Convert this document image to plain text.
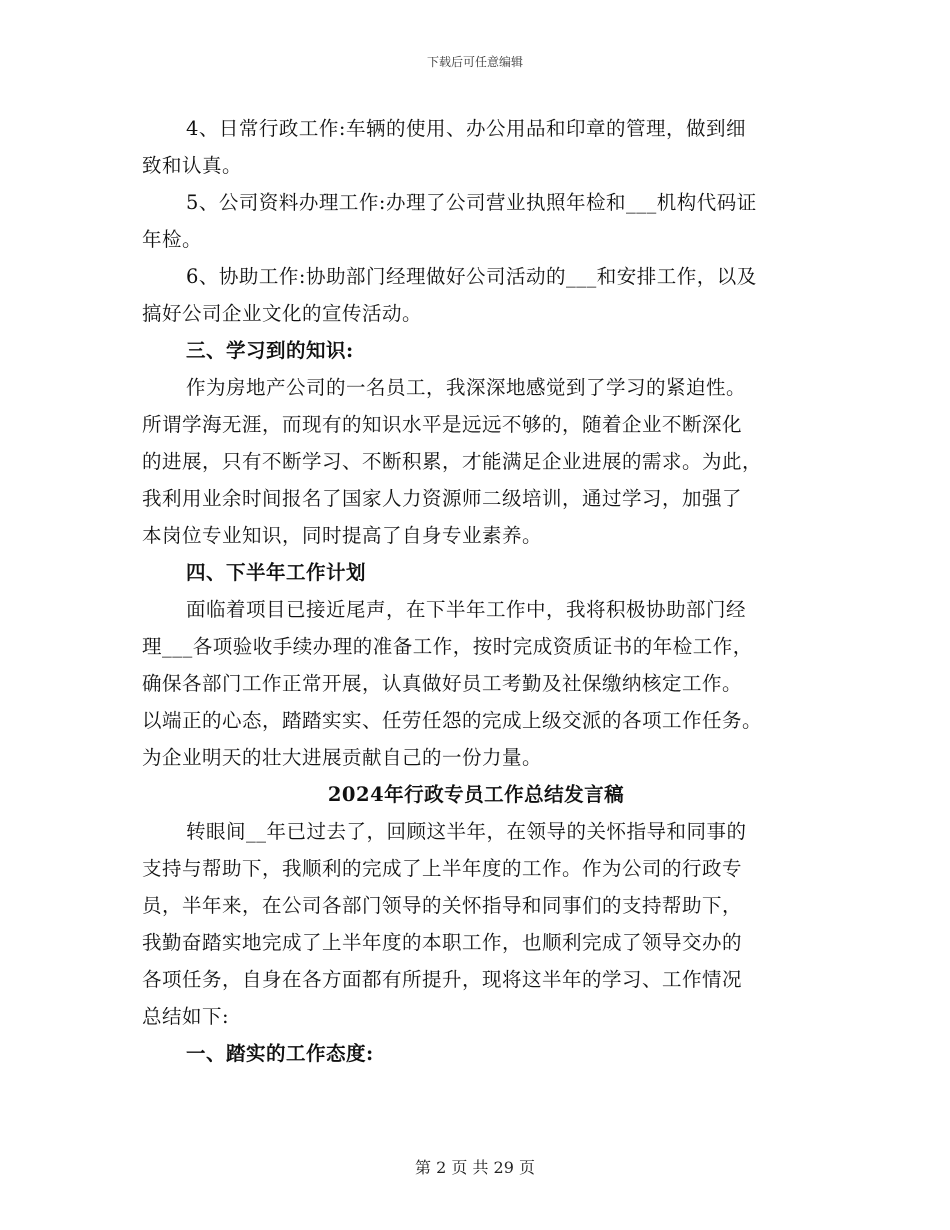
下载后可任意编辑
4、日常行政工作:车辆的使用、办公用品和印章的管理，做到细
致和认真。
5、公司资料办理工作:办理了公司营业执照年检和___机构代码证
年检。
6、协助工作:协助部门经理做好公司活动的___和安排工作，以及
搞好公司企业文化的宣传活动。
三、学习到的知识:
作为房地产公司的一名员工，我深深地感觉到了学习的紧迫性。
所谓学海无涯，而现有的知识水平是远远不够的，随着企业不断深化
的进展，只有不断学习、不断积累，才能满足企业进展的需求。为此，
我利用业余时间报名了国家人力资源师二级培训，通过学习，加强了
本岗位专业知识，同时提高了自身专业素养。
四、下半年工作计划
面临着项目已接近尾声，在下半年工作中，我将积极协助部门经
理___各项验收手续办理的准备工作，按时完成资质证书的年检工作，
确保各部门工作正常开展，认真做好员工考勤及社保缴纳核定工作。
以端正的心态，踏踏实实、任劳任怨的完成上级交派的各项工作任务。
为企业明天的壮大进展贡献自己的一份力量。
2024年行政专员工作总结发言稿
转眼间__年已过去了，回顾这半年，在领导的关怀指导和同事的
支持与帮助下，我顺利的完成了上半年度的工作。作为公司的行政专
员，半年来，在公司各部门领导的关怀指导和同事们的支持帮助下，
我勤奋踏实地完成了上半年度的本职工作，也顺利完成了领导交办的
各项任务，自身在各方面都有所提升，现将这半年的学习、工作情况
总结如下:
一、踏实的工作态度:
第 2 页 共 29 页
